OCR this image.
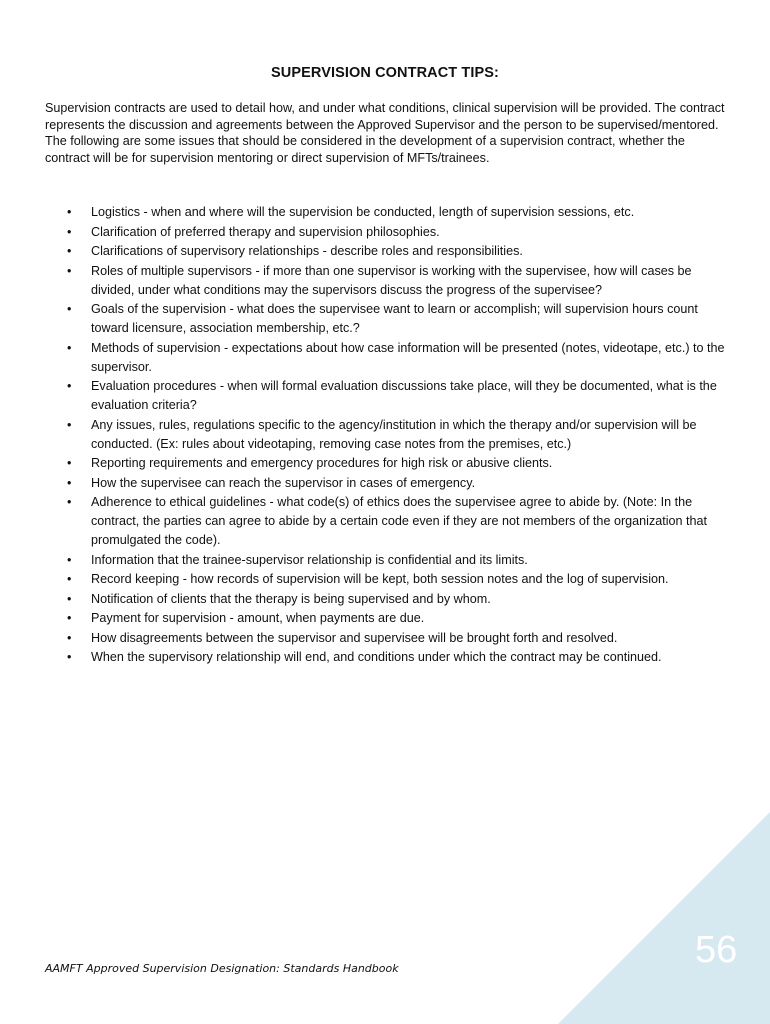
SUPERVISION CONTRACT TIPS:

Supervision contracts are used to detail how, and under what conditions, clinical supervision will be provided. The contract represents the discussion and agreements between the Approved Supervisor and the person to be supervised/mentored. The following are some issues that should be considered in the development of a supervision contract, whether the contract will be for supervision mentoring or direct supervision of MFTs/trainees.

• Logistics - when and where will the supervision be conducted, length of supervision sessions, etc.
• Clarification of preferred therapy and supervision philosophies.
• Clarifications of supervisory relationships - describe roles and responsibilities.
• Roles of multiple supervisors - if more than one supervisor is working with the supervisee, how will cases be divided, under what conditions may the supervisors discuss the progress of the supervisee?
• Goals of the supervision - what does the supervisee want to learn or accomplish; will supervision hours count toward licensure, association membership, etc.?
• Methods of supervision - expectations about how case information will be presented (notes, videotape, etc.) to the supervisor.
• Evaluation procedures - when will formal evaluation discussions take place, will they be documented, what is the evaluation criteria?
• Any issues, rules, regulations specific to the agency/institution in which the therapy and/or supervision will be conducted. (Ex: rules about videotaping, removing case notes from the premises, etc.)
• Reporting requirements and emergency procedures for high risk or abusive clients.
• How the supervisee can reach the supervisor in cases of emergency.
• Adherence to ethical guidelines - what code(s) of ethics does the supervisee agree to abide by. (Note: In the contract, the parties can agree to abide by a certain code even if they are not members of the organization that promulgated the code).
• Information that the trainee-supervisor relationship is confidential and its limits.
• Record keeping - how records of supervision will be kept, both session notes and the log of supervision.
• Notification of clients that the therapy is being supervised and by whom.
• Payment for supervision - amount, when payments are due.
• How disagreements between the supervisor and supervisee will be brought forth and resolved.
• When the supervisory relationship will end, and conditions under which the contract may be continued.
56
AAMFT Approved Supervision Designation: Standards Handbook
